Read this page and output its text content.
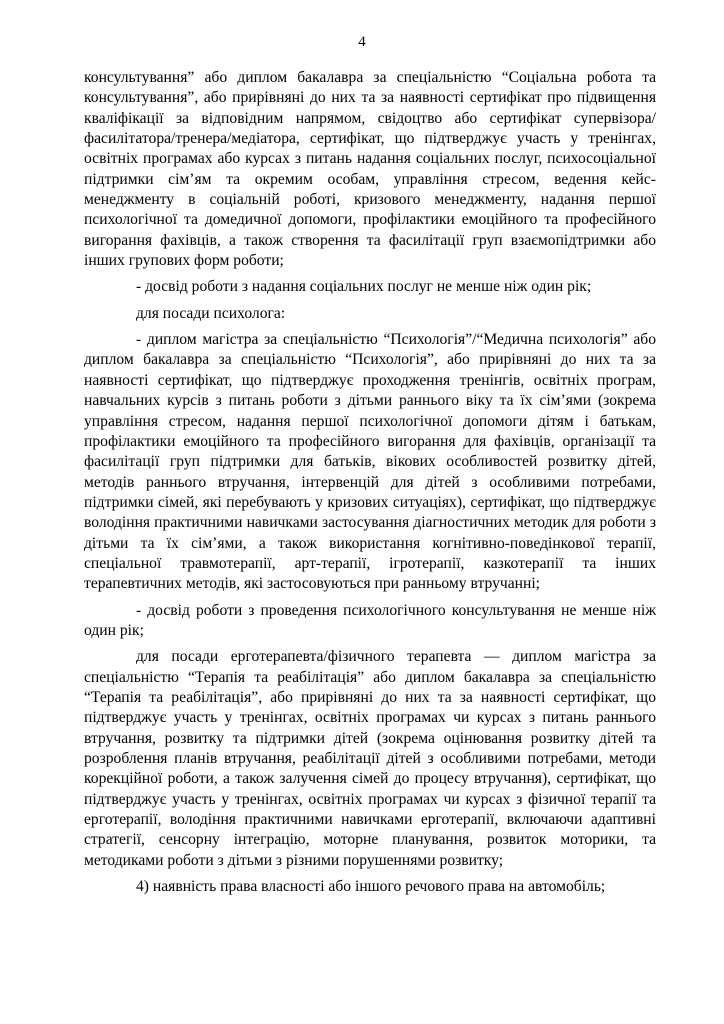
4

консультування” або диплом бакалавра за спеціальністю “Соціальна робота та консультування”, або прирівняні до них та за наявності сертифікат про підвищення кваліфікації за відповідним напрямом, свідоцтво або сертифікат супервізора/фасилітатора/тренера/медіатора, сертифікат, що підтверджує участь у тренінгах, освітніх програмах або курсах з питань надання соціальних послуг, психосоціальної підтримки сім’ям та окремим особам, управління стресом, ведення кейс-менеджменту в соціальній роботі, кризового менеджменту, надання першої психологічної та домедичної допомоги, профілактики емоційного та професійного вигорання фахівців, а також створення та фасилітації груп взаємопідтримки або інших групових форм роботи;

- досвід роботи з надання соціальних послуг не менше ніж один рік;

для посади психолога:

- диплом магістра за спеціальністю “Психологія”/“Медична психологія” або диплом бакалавра за спеціальністю “Психологія”, або прирівняні до них та за наявності сертифікат, що підтверджує проходження тренінгів, освітніх програм, навчальних курсів з питань роботи з дітьми раннього віку та їх сім’ями (зокрема управління стресом, надання першої психологічної допомоги дітям і батькам, профілактики емоційного та професійного вигорання для фахівців, організації та фасилітації груп підтримки для батьків, вікових особливостей розвитку дітей, методів раннього втручання, інтервенцій для дітей з особливими потребами, підтримки сімей, які перебувають у кризових ситуаціях), сертифікат, що підтверджує володіння практичними навичками застосування діагностичних методик для роботи з дітьми та їх сім’ями, а також використання когнітивно-поведінкової терапії, спеціальної травмотерапії, арт-терапії, ігротерапії, казкотерапії та інших терапевтичних методів, які застосовуються при ранньому втручанні;

- досвід роботи з проведення психологічного консультування не менше ніж один рік;

для посади ерготерапевта/фізичного терапевта — диплом магістра за спеціальністю “Терапія та реабілітація” або диплом бакалавра за спеціальністю “Терапія та реабілітація”, або прирівняні до них та за наявності сертифікат, що підтверджує участь у тренінгах, освітніх програмах чи курсах з питань раннього втручання, розвитку та підтримки дітей (зокрема оцінювання розвитку дітей та розроблення планів втручання, реабілітації дітей з особливими потребами, методи корекційної роботи, а також залучення сімей до процесу втручання), сертифікат, що підтверджує участь у тренінгах, освітніх програмах чи курсах з фізичної терапії та ерготерапії, володіння практичними навичками ерготерапії, включаючи адаптивні стратегії, сенсорну інтеграцію, моторне планування, розвиток моторики, та методиками роботи з дітьми з різними порушеннями розвитку;

4) наявність права власності або іншого речового права на автомобіль;
